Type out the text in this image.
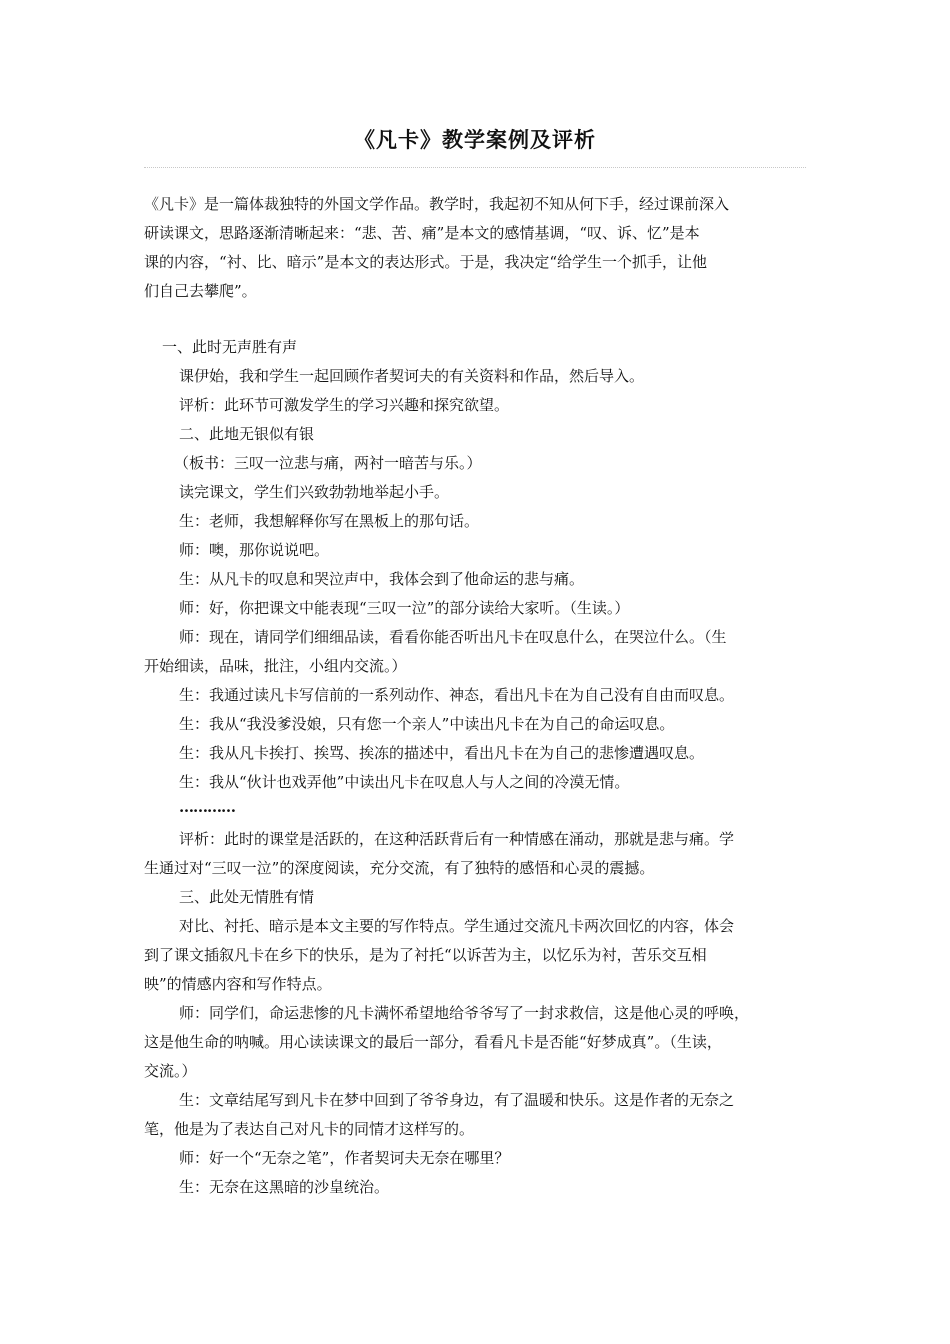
《凡卡》教学案例及评析
《凡卡》是一篇体裁独特的外国文学作品。教学时，我起初不知从何下手，经过课前深入
研读课文，思路逐渐清晰起来：“悲、苦、痛”是本文的感情基调，“叹、诉、忆”是本
课的内容，“衬、比、暗示”是本文的表达形式。于是，我决定“给学生一个抓手，让他
们自己去攀爬”。
一、此时无声胜有声
课伊始，我和学生一起回顾作者契诃夫的有关资料和作品，然后导入。
评析：此环节可激发学生的学习兴趣和探究欲望。
二、此地无银似有银
（板书：三叹一泣悲与痛，两衬一暗苦与乐。）
读完课文，学生们兴致勃勃地举起小手。
生：老师，我想解释你写在黑板上的那句话。
师：噢，那你说说吧。
生：从凡卡的叹息和哭泣声中，我体会到了他命运的悲与痛。
师：好，你把课文中能表现“三叹一泣”的部分读给大家听。（生读。）
师：现在，请同学们细细品读，看看你能否听出凡卡在叹息什么，在哭泣什么。（生
开始细读，品味，批注，小组内交流。）
生：我通过读凡卡写信前的一系列动作、神态，看出凡卡在为自己没有自由而叹息。
生：我从“我没爹没娘，只有您一个亲人”中读出凡卡在为自己的命运叹息。
生：我从凡卡挨打、挨骂、挨冻的描述中，看出凡卡在为自己的悲惨遭遇叹息。
生：我从“伙计也戏弄他”中读出凡卡在叹息人与人之间的冷漠无情。
…………
评析：此时的课堂是活跃的，在这种活跃背后有一种情感在涌动，那就是悲与痛。学
生通过对“三叹一泣”的深度阅读，充分交流，有了独特的感悟和心灵的震撼。
三、此处无情胜有情
对比、衬托、暗示是本文主要的写作特点。学生通过交流凡卡两次回忆的内容，体会
到了课文插叙凡卡在乡下的快乐，是为了衬托“以诉苦为主，以忆乐为衬，苦乐交互相
映”的情感内容和写作特点。
师：同学们，命运悲惨的凡卡满怀希望地给爷爷写了一封求救信，这是他心灵的呼唤，
这是他生命的呐喊。用心读读课文的最后一部分，看看凡卡是否能“好梦成真”。（生读，
交流。）
生：文章结尾写到凡卡在梦中回到了爷爷身边，有了温暖和快乐。这是作者的无奈之
笔，他是为了表达自己对凡卡的同情才这样写的。
师：好一个“无奈之笔”，作者契诃夫无奈在哪里？
生：无奈在这黑暗的沙皇统治。
